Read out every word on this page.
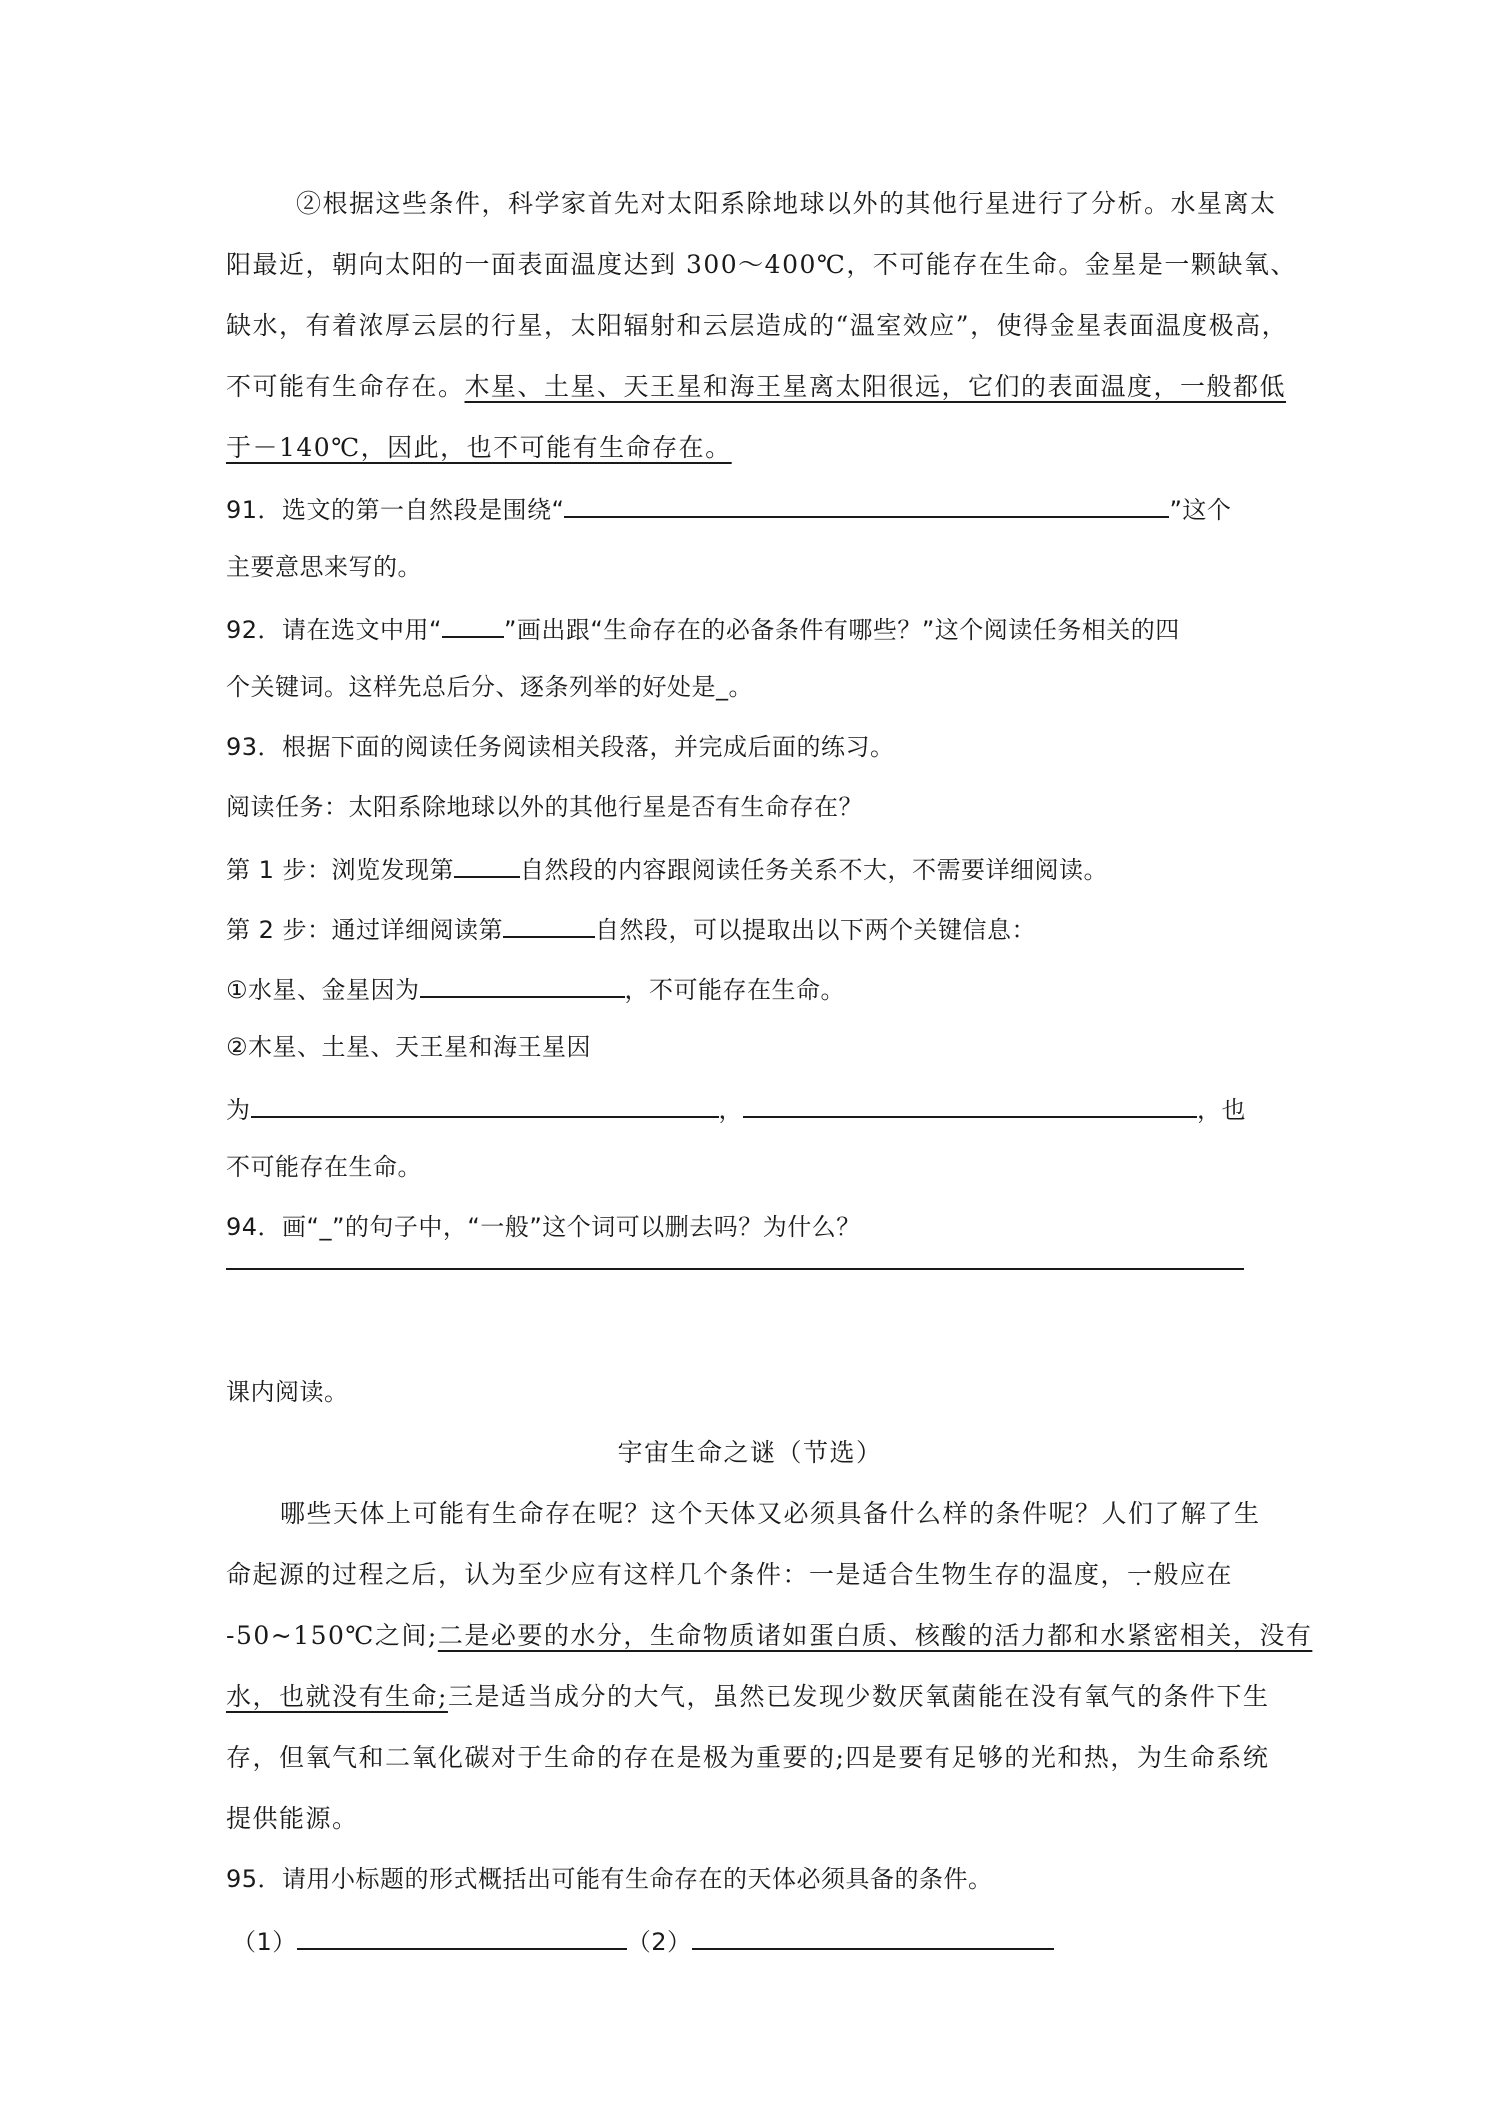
②根据这些条件，科学家首先对太阳系除地球以外的其他行星进行了分析。水星离太
阳最近，朝向太阳的一面表面温度达到 300～400℃，不可能存在生命。金星是一颗缺氧、
缺水，有着浓厚云层的行星，太阳辐射和云层造成的“温室效应”，使得金星表面温度极高，
不可能有生命存在。木星、土星、天王星和海王星离太阳很远，它们的表面温度，一般都低
于－140℃，因此，也不可能有生命存在。
91．选文的第一自然段是围绕“	”这个
主要意思来写的。
92．请在选文中用“	”画出跟“生命存在的必备条件有哪些？”这个阅读任务相关的四
个关键词。这样先总后分、逐条列举的好处是_。
93．根据下面的阅读任务阅读相关段落，并完成后面的练习。
阅读任务：太阳系除地球以外的其他行星是否有生命存在？
第 1 步：浏览发现第	自然段的内容跟阅读任务关系不大，不需要详细阅读。
第 2 步：通过详细阅读第	自然段，可以提取出以下两个关键信息：
①水星、金星因为	，不可能存在生命。
②木星、土星、天王星和海王星因
为	，	，也
不可能存在生命。
94．画“_”的句子中，“一般”这个词可以删去吗？为什么？
课内阅读。
宇宙生命之谜（节选）
哪些天体上可能有生命存在呢？这个天体又必须具备什么样的条件呢？人们了解了生
命起源的过程之后，认为至少应有这样几个条件：一是适合生物生存的温度，. 一般应在
-50~150℃之间;二是必要的水分，生命物质诸如蛋白质、核酸的活力都和水紧密相关，没有
水，也就没有生命;三是适当成分的大气，虽然已发现少数厌氧菌能在没有氧气的条件下生
存，但氧气和二氧化碳对于生命的存在是极为重要的;四是要有足够的光和热，为生命系统
提供能源。
95．请用小标题的形式概括出可能有生命存在的天体必须具备的条件。
（1）	（2）
